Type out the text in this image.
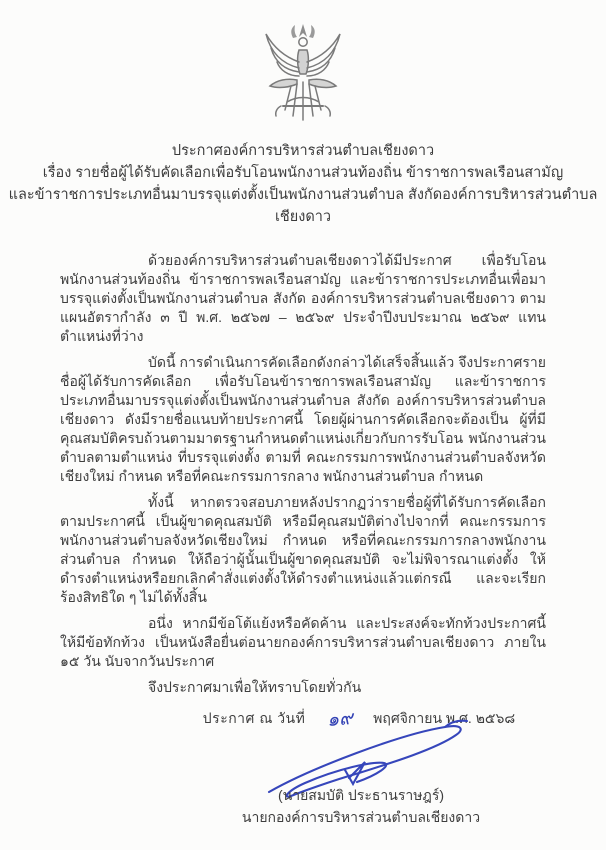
ประกาศองค์การบริหารส่วนตำบลเชียงดาว
เรื่อง รายชื่อผู้ได้รับคัดเลือกเพื่อรับโอนพนักงานส่วนท้องถิ่น ข้าราชการพลเรือนสามัญ
และข้าราชการประเภทอื่นมาบรรจุแต่งตั้งเป็นพนักงานส่วนตำบล สังกัดองค์การบริหารส่วนตำบลเชียงดาว

ด้วยองค์การบริหารส่วนตำบลเชียงดาวได้มีประกาศ เพื่อรับโอนพนักงานส่วนท้องถิ่น ข้าราชการพลเรือนสามัญ และข้าราชการประเภทอื่นเพื่อมาบรรจุแต่งตั้งเป็นพนักงานส่วนตำบล สังกัด องค์การบริหารส่วนตำบลเชียงดาว ตามแผนอัตรากำลัง ๓ ปี พ.ศ. ๒๕๖๗ – ๒๕๖๙ ประจำปีงบประมาณ ๒๕๖๙ แทนตำแหน่งที่ว่าง

บัดนี้ การดำเนินการคัดเลือกดังกล่าวได้เสร็จสิ้นแล้ว จึงประกาศรายชื่อผู้ได้รับการคัดเลือก เพื่อรับโอนข้าราชการพลเรือนสามัญ และข้าราชการประเภทอื่นมาบรรจุแต่งตั้งเป็นพนักงานส่วนตำบล สังกัด องค์การบริหารส่วนตำบลเชียงดาว ดังมีรายชื่อแนบท้ายประกาศนี้ โดยผู้ผ่านการคัดเลือกจะต้องเป็น ผู้ที่มีคุณสมบัติครบถ้วนตามมาตรฐานกำหนดตำแหน่งเกี่ยวกับการรับโอน พนักงานส่วนตำบลตามตำแหน่ง ที่บรรจุแต่งตั้ง ตามที่ คณะกรรมการพนักงานส่วนตำบลจังหวัดเชียงใหม่ กำหนด หรือที่คณะกรรมการกลาง พนักงานส่วนตำบล กำหนด

ทั้งนี้ หากตรวจสอบภายหลังปรากฏว่ารายชื่อผู้ที่ได้รับการคัดเลือกตามประกาศนี้ เป็นผู้ขาดคุณสมบัติ หรือมีคุณสมบัติต่างไปจากที่ คณะกรรมการพนักงานส่วนตำบลจังหวัดเชียงใหม่ กำหนด หรือที่คณะกรรมการกลางพนักงานส่วนตำบล กำหนด ให้ถือว่าผู้นั้นเป็นผู้ขาดคุณสมบัติ จะไม่พิจารณาแต่งตั้ง ให้ดำรงตำแหน่งหรือยกเลิกคำสั่งแต่งตั้งให้ดำรงตำแหน่งแล้วแต่กรณี และจะเรียกร้องสิทธิใด ๆ ไม่ได้ทั้งสิ้น

อนึ่ง หากมีข้อโต้แย้งหรือคัดค้าน และประสงค์จะทักท้วงประกาศนี้ ให้มีข้อทักท้วง เป็นหนังสือยื่นต่อนายกองค์การบริหารส่วนตำบลเชียงดาว ภายใน ๑๕ วัน นับจากวันประกาศ

จึงประกาศมาเพื่อให้ทราบโดยทั่วกัน
ประกาศ ณ วันที่ ๑๙ พฤศจิกายน พ.ศ. ๒๕๖๘
(นายสมบัติ ประธานราษฎร์)
นายกองค์การบริหารส่วนตำบลเชียงดาว
